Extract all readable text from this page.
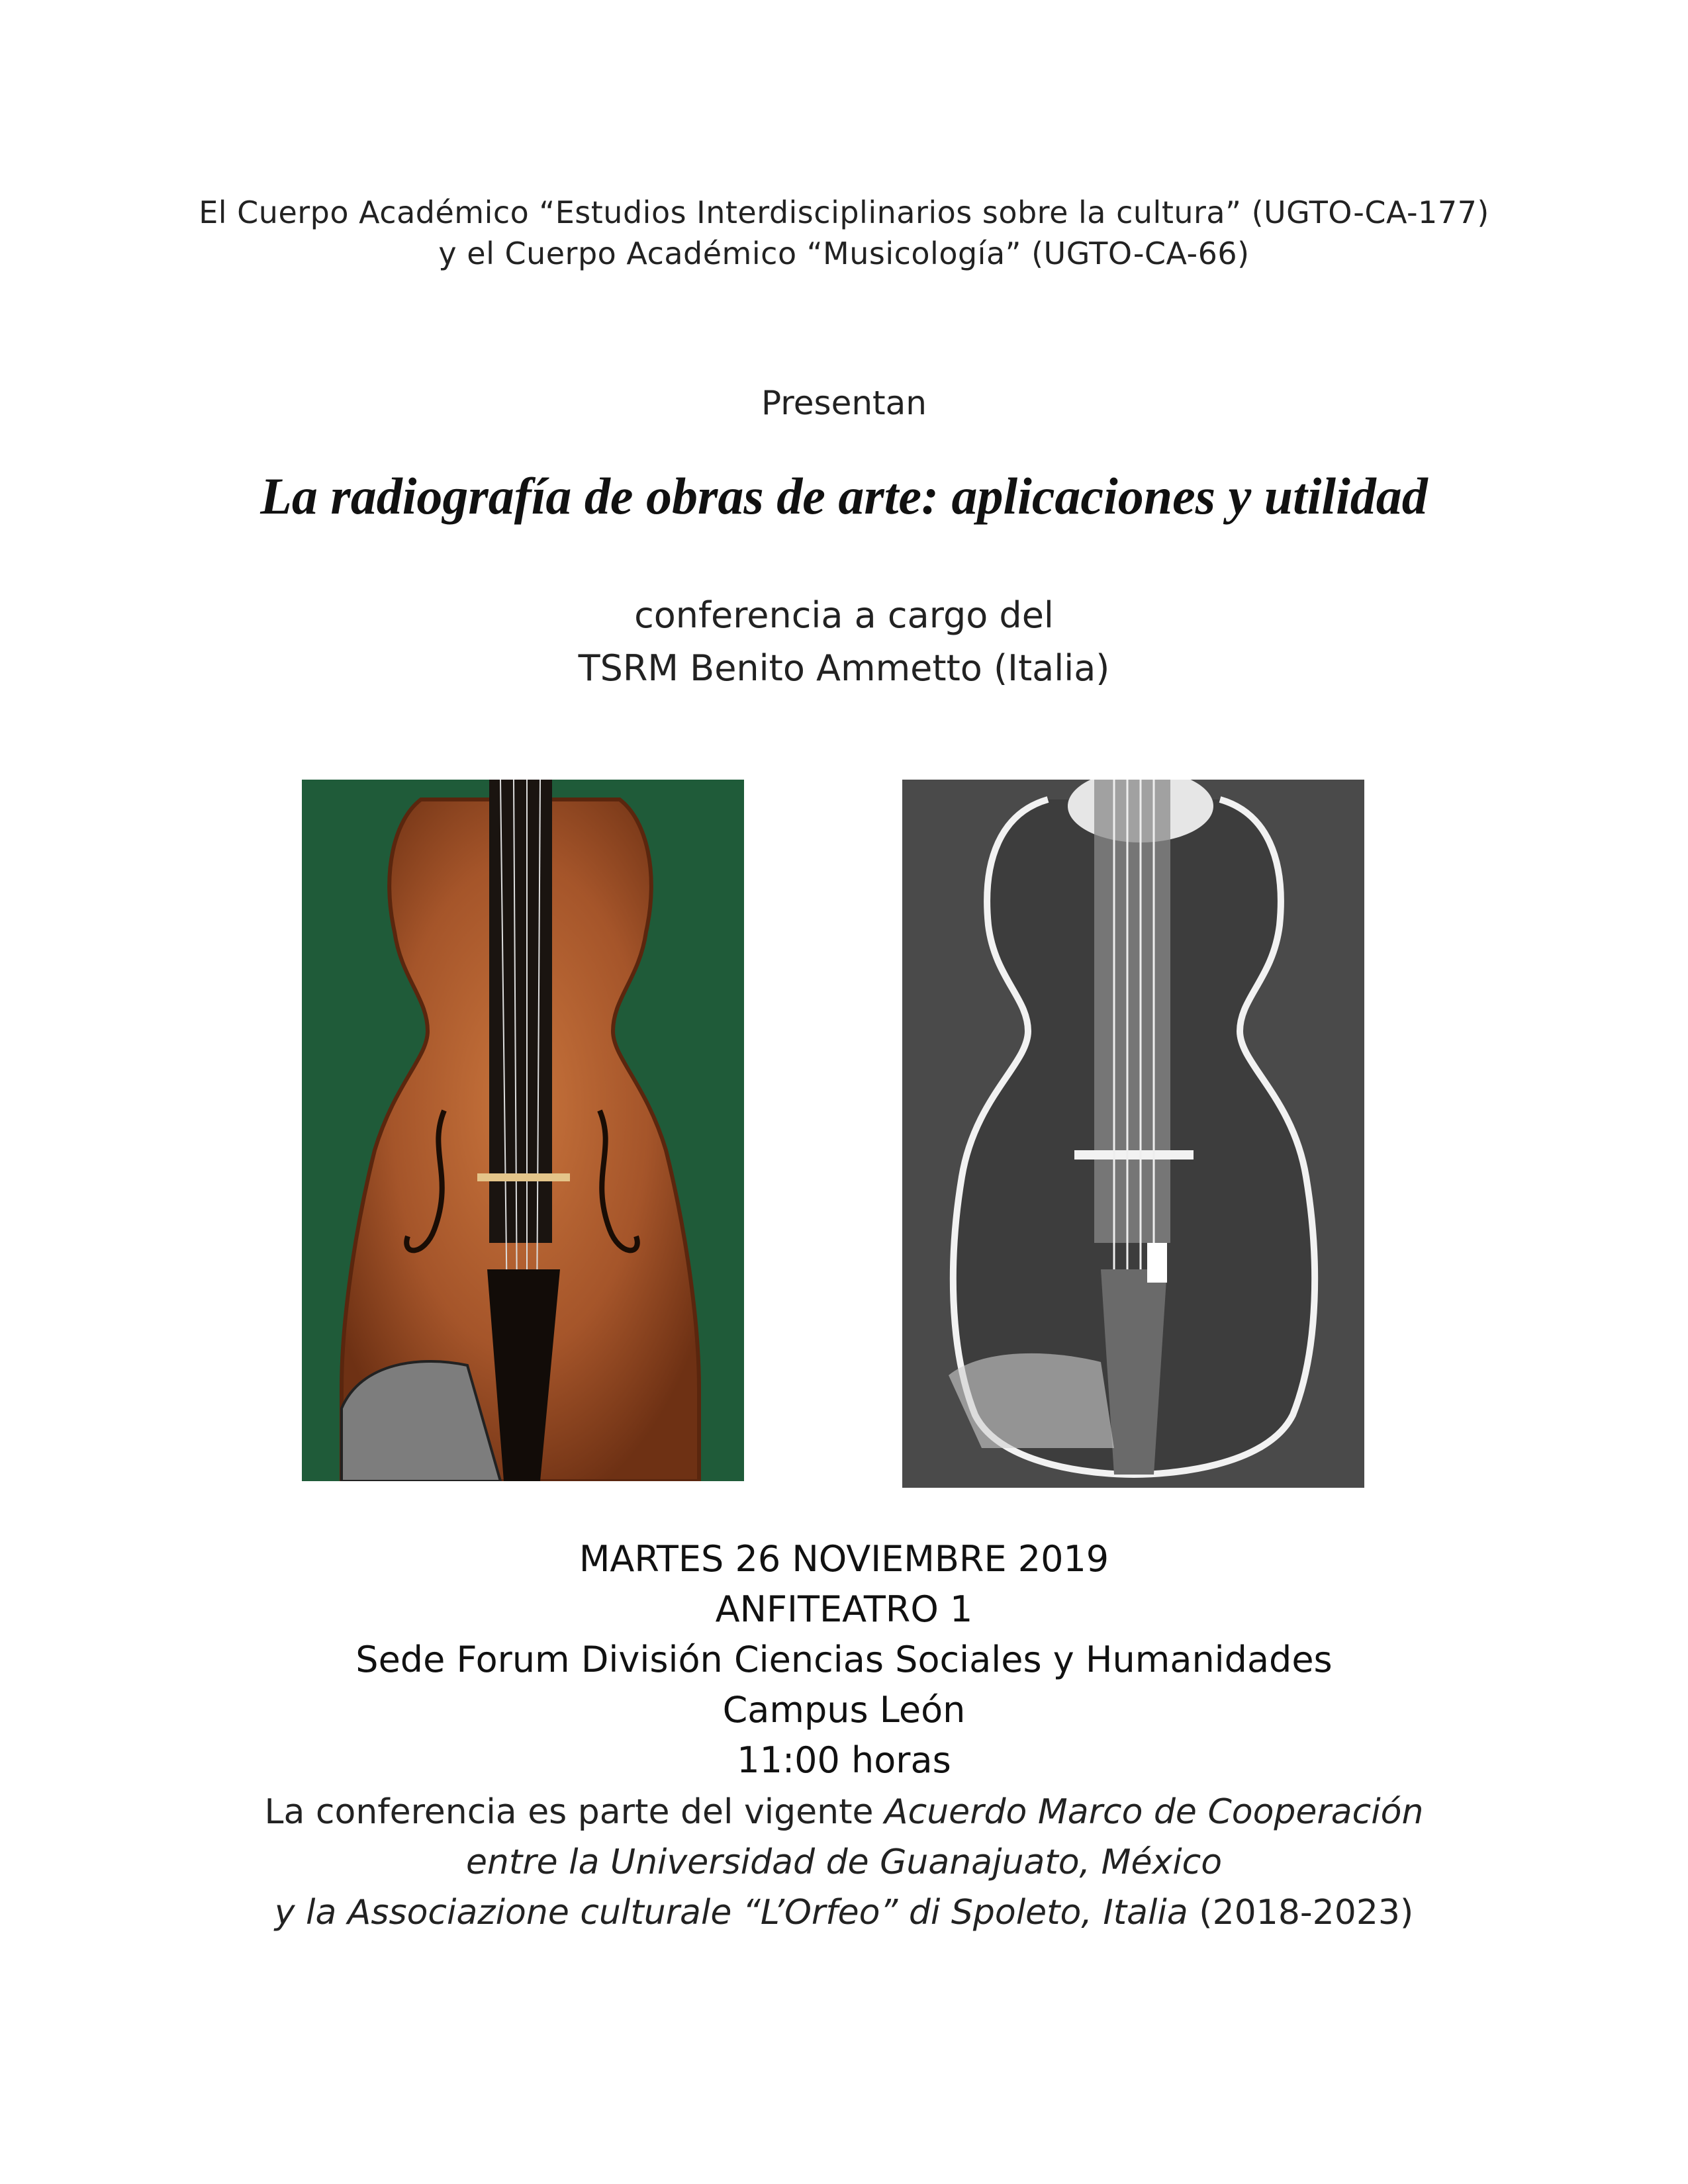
El Cuerpo Académico “Estudios Interdisciplinarios sobre la cultura” (UGTO-CA-177)
y el Cuerpo Académico “Musicología” (UGTO-CA-66)
Presentan
La radiografía de obras de arte: aplicaciones y utilidad
conferencia a cargo del
TSRM Benito Ammetto (Italia)
MARTES 26 NOVIEMBRE 2019
ANFITEATRO 1
Sede Forum División Ciencias Sociales y Humanidades
Campus León
11:00 horas
La conferencia es parte del vigente Acuerdo Marco de Cooperación
entre la Universidad de Guanajuato, México
y la Associazione culturale “L’Orfeo” di Spoleto, Italia (2018-2023)
